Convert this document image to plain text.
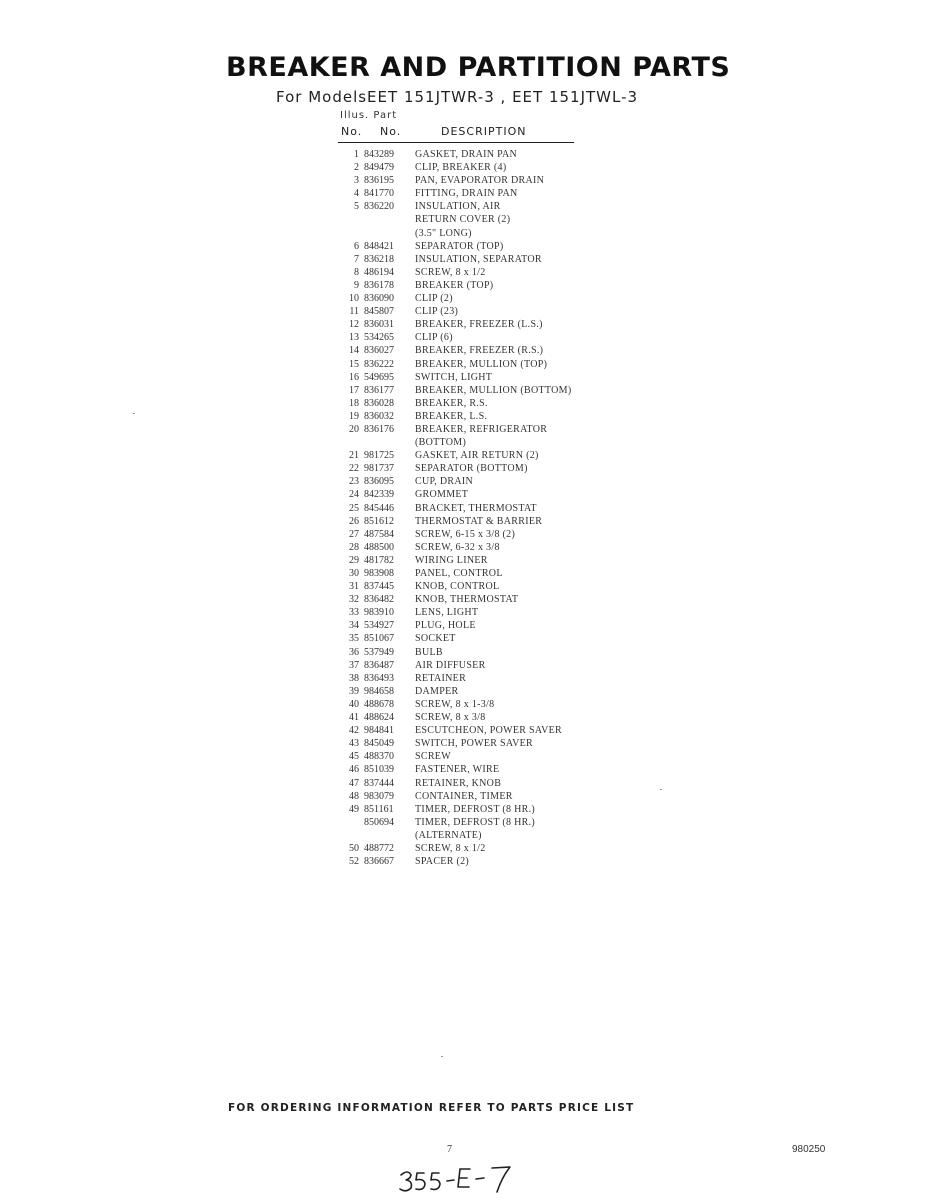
BREAKER AND PARTITION PARTS
For ModelsEET 151JTWR-3 , EET 151JTWL-3
Illus. Part
No. No.	DESCRIPTION
1 843289	GASKET, DRAIN PAN
2 849479	CLIP, BREAKER (4)
3 836195	PAN, EVAPORATOR DRAIN
4 841770	FITTING, DRAIN PAN
5 836220	INSULATION, AIR
RETURN COVER (2)
(3.5" LONG)
6 848421	SEPARATOR (TOP)
7 836218	INSULATION, SEPARATOR
8 486194	SCREW, 8 x 1/2
9 836178	BREAKER (TOP)
10 836090	CLIP (2)
11 845807	CLIP (23)
12 836031	BREAKER, FREEZER (L.S.)
13 534265	CLIP (6)
14 836027	BREAKER, FREEZER (R.S.)
15 836222	BREAKER, MULLION (TOP)
16 549695	SWITCH, LIGHT
17 836177	BREAKER, MULLION (BOTTOM)
18 836028	BREAKER, R.S.
19 836032	BREAKER, L.S.
20 836176	BREAKER, REFRIGERATOR
(BOTTOM)
21 981725	GASKET, AIR RETURN (2)
22 981737	SEPARATOR (BOTTOM)
23 836095	CUP, DRAIN
24 842339	GROMMET
25 845446	BRACKET, THERMOSTAT
26 851612	THERMOSTAT & BARRIER
27 487584	SCREW, 6-15 x 3/8 (2)
28 488500	SCREW, 6-32 x 3/8
29 481782	WIRING LINER
30 983908	PANEL, CONTROL
31 837445	KNOB, CONTROL
32 836482	KNOB, THERMOSTAT
33 983910	LENS, LIGHT
34 534927	PLUG, HOLE
35 851067	SOCKET
36 537949	BULB
37 836487	AIR DIFFUSER
38 836493	RETAINER
39 984658	DAMPER
40 488678	SCREW, 8 x 1-3/8
41 488624	SCREW, 8 x 3/8
42 984841	ESCUTCHEON, POWER SAVER
43 845049	SWITCH, POWER SAVER
45 488370	SCREW
46 851039	FASTENER, WIRE
47 837444	RETAINER, KNOB
48 983079	CONTAINER, TIMER
49 851161	TIMER, DEFROST (8 HR.)
850694	TIMER, DEFROST (8 HR.)
(ALTERNATE)
50 488772	SCREW, 8 x 1/2
52 836667	SPACER (2)
FOR ORDERING INFORMATION REFER TO PARTS PRICE LIST
7	980250
